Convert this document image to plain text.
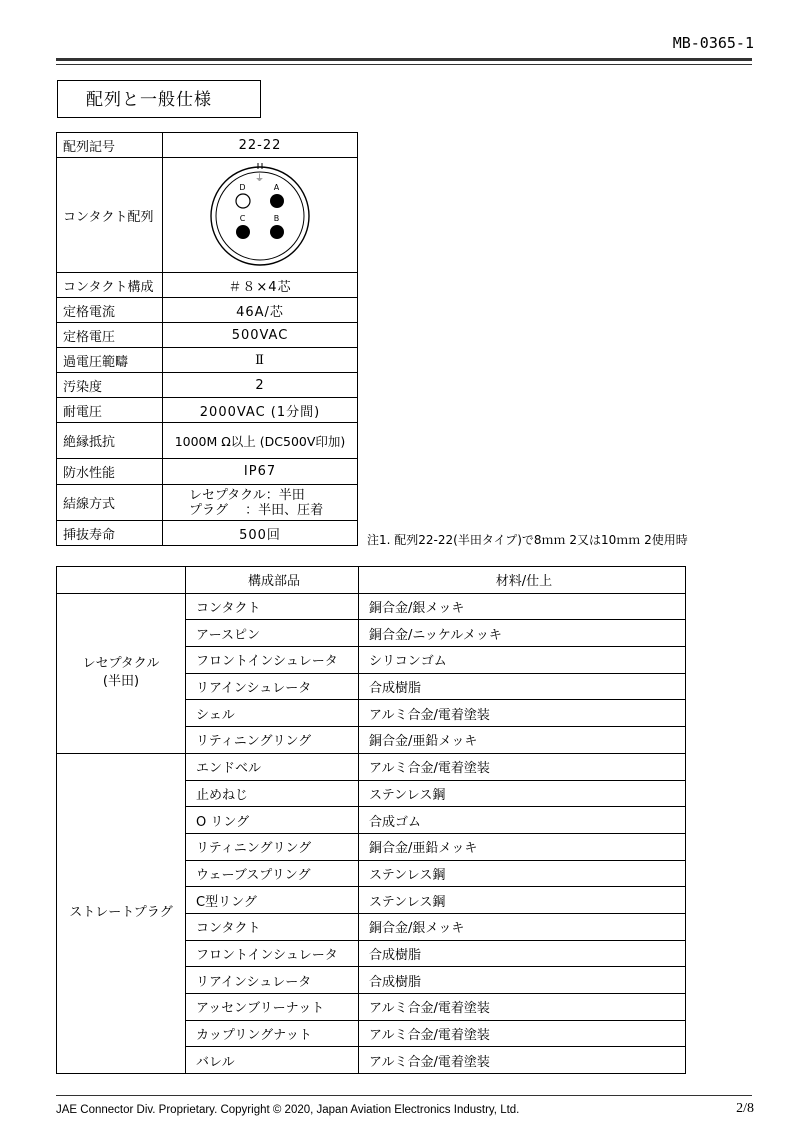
MB-0365-1
配列と一般仕様
配列記号	22-22
コンタクト配列	⏚
D A
C B

コンタクト構成	＃８×4芯
定格電流	46A/芯
定格電圧	500VAC
過電圧範疇	Ⅱ
汚染度	2
耐電圧	2000VAC (1分間)
絶縁抵抗	1000M Ω以上 (DC500V印加)
防水性能	IP67
結線方式	レセプタクル：半田
プラグ　 ：半田、圧着

挿抜寿命	500回	注1. 配列22-22(半田タイプ)で8ｍｍ 2又は10ｍｍ 2使用時
	構成部品	材料/仕上

レセプタクル
(半田)	コンタクト	銅合金/銀メッキ
	アースピン	銅合金/ニッケルメッキ
	フロントインシュレータ	シリコンゴム
	リアインシュレータ	合成樹脂
	シェル	アルミ合金/電着塗装
	リティニングリング	銅合金/亜鉛メッキ

ストレートプラグ	エンドベル	アルミ合金/電着塗装
	止めねじ	ステンレス鋼
	O リング	合成ゴム
	リティニングリング	銅合金/亜鉛メッキ
	ウェーブスプリング	ステンレス鋼
	C型リング	ステンレス鋼
	コンタクト	銅合金/銀メッキ
	フロントインシュレータ	合成樹脂
	リアインシュレータ	合成樹脂
	アッセンブリーナット	アルミ合金/電着塗装
	カップリングナット	アルミ合金/電着塗装
	バレル	アルミ合金/電着塗装
JAE Connector Div. Proprietary. Copyright © 2020, Japan Aviation Electronics Industry, Ltd.	2/8
